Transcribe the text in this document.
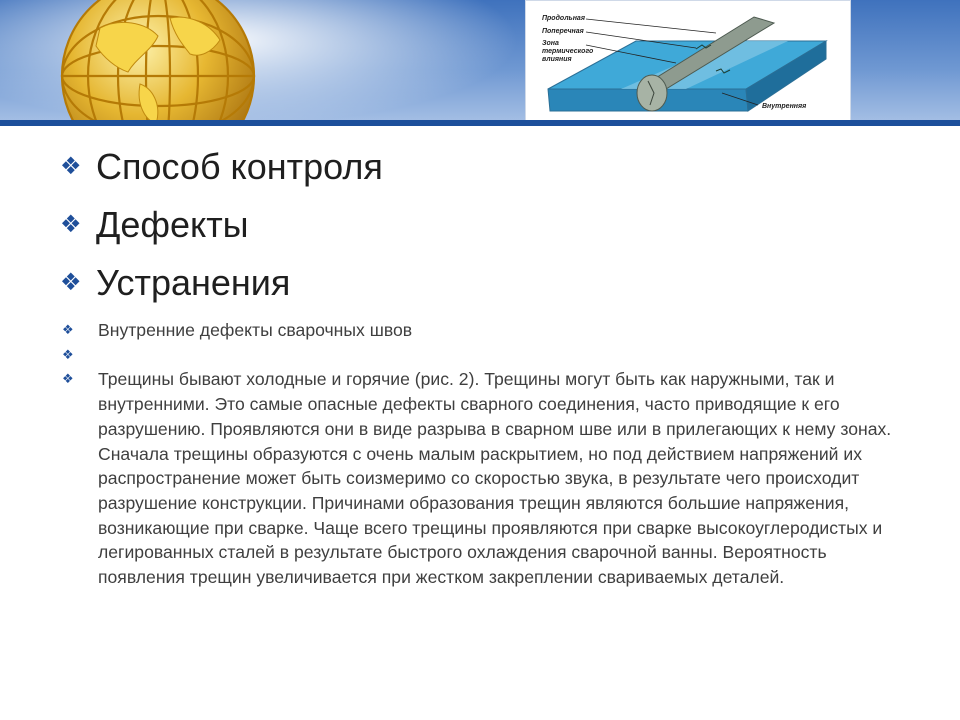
Продольная
Поперечная
Зона
термического
влияния
Внутренняя
❖ Способ контроля
❖ Дефекты
❖ Устранения
❖	Внутренние дефекты сварочных швов
❖

❖	Трещины бывают холодные и горячие (рис. 2). Трещины могут быть как наружными, так и внутренними. Это самые опасные дефекты сварного соединения, часто приводящие к его разрушению. Проявляются они в виде разрыва в сварном шве или в прилегающих к нему зонах. Сначала трещины образуются с очень малым раскрытием, но под действием напряжений их распространение может быть соизмеримо со скоростью звука, в результате чего происходит разрушение конструкции. Причинами образования трещин являются большие напряжения, возникающие при сварке. Чаще всего трещины проявляются при сварке высокоуглеродистых и легированных сталей в результате быстрого охлаждения сварочной ванны. Вероятность появления трещин увеличивается при жестком закреплении свариваемых деталей.
